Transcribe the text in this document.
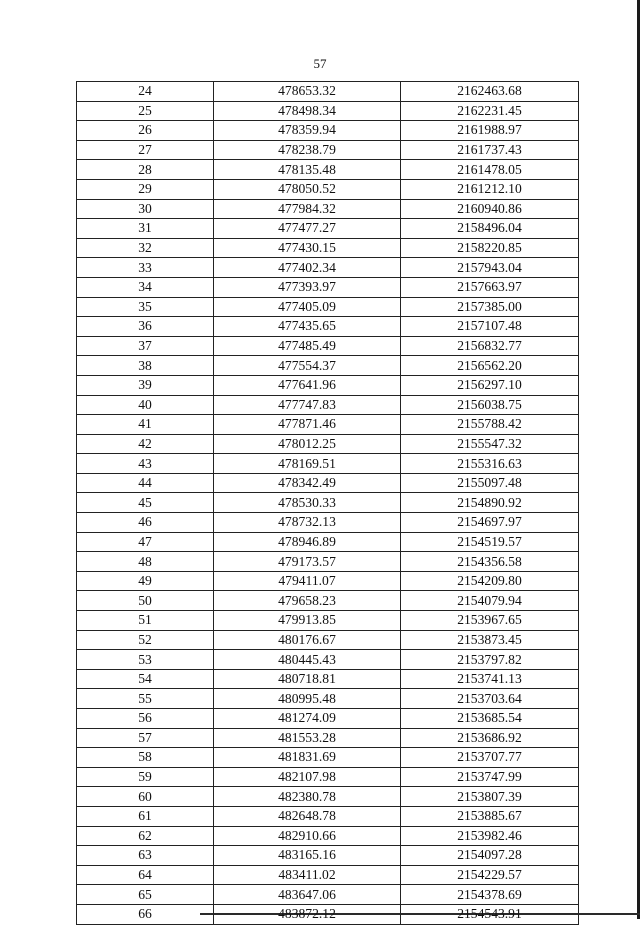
57
24	478653.32	2162463.68
25	478498.34	2162231.45
26	478359.94	2161988.97
27	478238.79	2161737.43
28	478135.48	2161478.05
29	478050.52	2161212.10
30	477984.32	2160940.86
31	477477.27	2158496.04
32	477430.15	2158220.85
33	477402.34	2157943.04
34	477393.97	2157663.97
35	477405.09	2157385.00
36	477435.65	2157107.48
37	477485.49	2156832.77
38	477554.37	2156562.20
39	477641.96	2156297.10
40	477747.83	2156038.75
41	477871.46	2155788.42
42	478012.25	2155547.32
43	478169.51	2155316.63
44	478342.49	2155097.48
45	478530.33	2154890.92
46	478732.13	2154697.97
47	478946.89	2154519.57
48	479173.57	2154356.58
49	479411.07	2154209.80
50	479658.23	2154079.94
51	479913.85	2153967.65
52	480176.67	2153873.45
53	480445.43	2153797.82
54	480718.81	2153741.13
55	480995.48	2153703.64
56	481274.09	2153685.54
57	481553.28	2153686.92
58	481831.69	2153707.77
59	482107.98	2153747.99
60	482380.78	2153807.39
61	482648.78	2153885.67
62	482910.66	2153982.46
63	483165.16	2154097.28
64	483411.02	2154229.57
65	483647.06	2154378.69
66	483872.12	2154543.91
